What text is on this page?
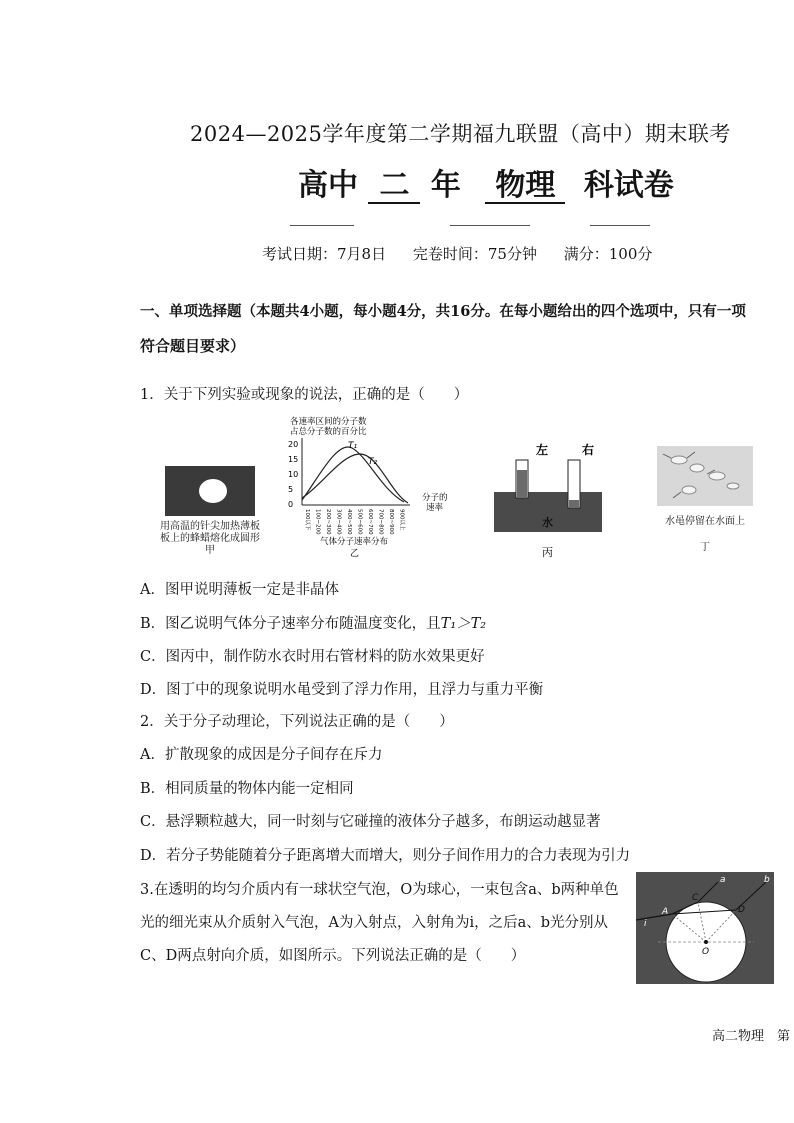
2024—2025学年度第二学期福九联盟（高中）期末联考
高中 二 年 物理 科试卷
考试日期：7月8日 完卷时间：75分钟 满分：100分
一、单项选择题（本题共4小题，每小题4分，共16分。在每小题给出的四个选项中，只有一项
符合题目要求）
1．关于下列实验或现象的说法，正确的是（　　）
用高温的针尖加热薄板
板上的蜂蜡熔化成圆形
甲
各速率区间的分子数
占总分子数的百分比
20
15
10
5
0
100以下 100~200 200~300 300~400 400~500 500~600 600~700 700~800 800~900 900以上
T₁
T₂
分子的
速率
气体分子速率分布
乙
左	右
水
丙
水黾停留在水面上
丁
A．图甲说明薄板一定是非晶体
B．图乙说明气体分子速率分布随温度变化，且T₁＞T₂
C．图丙中，制作防水衣时用右管材料的防水效果更好
D．图丁中的现象说明水黾受到了浮力作用，且浮力与重力平衡
2．关于分子动理论，下列说法正确的是（　　）
A．扩散现象的成因是分子间存在斥力
B．相同质量的物体内能一定相同
C．悬浮颗粒越大，同一时刻与它碰撞的液体分子越多，布朗运动越显著
D．若分子势能随着分子距离增大而增大，则分子间作用力的合力表现为引力
3.在透明的均匀介质内有一球状空气泡，O为球心，一束包含a、b两种单色
光的细光束从介质射入气泡，A为入射点，入射角为i，之后a、b光分别从
C、D两点射向介质，如图所示。下列说法正确的是（　　）
a	b
A
C
D
O
i
高二物理　第
